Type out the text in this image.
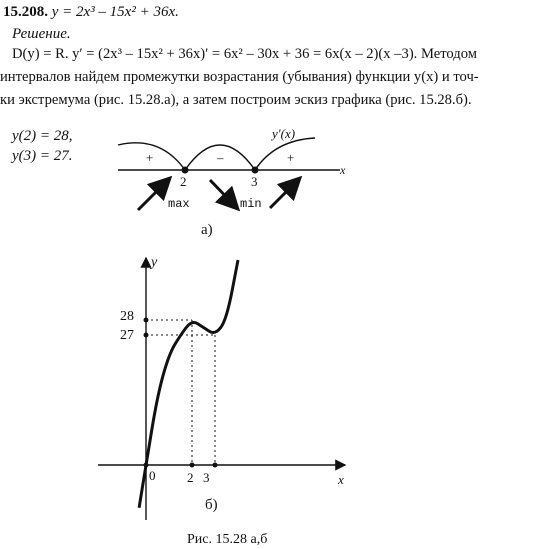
15.208. y = 2x³ – 15x² + 36x.
Решение.
D(y) = R. y′ = (2x³ – 15x² + 36x)′ = 6x² – 30x + 36 = 6x(x – 2)(x –3). Методом
интервалов найдем промежутки возрастания (убывания) функции y(x) и точ-
ки экстремума (рис. 15.28.а), а затем построим эскиз графика (рис. 15.28.б).
y(2) = 28,
y(3) = 27.
y′(x)
x
+	–	+
2	3
max	min
а)
y
x
0 2 3
28
27
б)
Рис. 15.28 а,б
